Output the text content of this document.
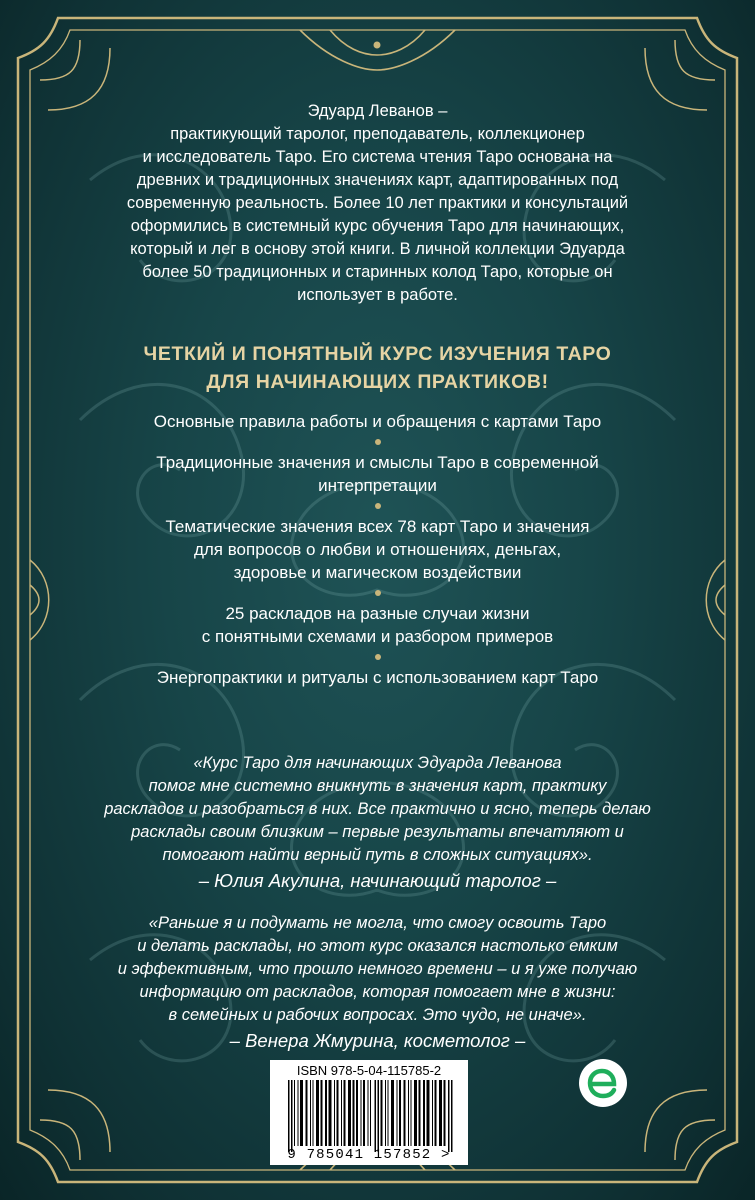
Эдуард Леванов –

практикующий таролог, преподаватель, коллекционер

и исследователь Таро. Его система чтения Таро основана на

древних и традиционных значениях карт, адаптированных под

современную реальность. Более 10 лет практики и консультаций

оформились в системный курс обучения Таро для начинающих,

который и лег в основу этой книги. В личной коллекции Эдуарда

более 50 традиционных и старинных колод Таро, которые он

использует в работе.

ЧЕТКИЙ И ПОНЯТНЫЙ КУРС ИЗУЧЕНИЯ ТАРО
ДЛЯ НАЧИНАЮЩИХ ПРАКТИКОВ!

Основные правила работы и обращения с картами Таро

Традиционные значения и смыслы Таро в современной

интерпретации

Тематические значения всех 78 карт Таро и значения

для вопросов о любви и отношениях, деньгах,

здоровье и магическом воздействии

25 раскладов на разные случаи жизни

с понятными схемами и разбором примеров

Энергопрактики и ритуалы с использованием карт Таро

«Курс Таро для начинающих Эдуарда Леванова
помог мне системно вникнуть в значения карт, практику
раскладов и разобраться в них. Все практично и ясно, теперь делаю
расклады своим близким – первые результаты впечатляют и
помогают найти верный путь в сложных ситуациях».
– Юлия Акулина, начинающий таролог –
«Раньше я и подумать не могла, что смогу освоить Таро
и делать расклады, но этот курс оказался настолько емким
и эффективным, что прошло немного времени – и я уже получаю
информацию от раскладов, которая помогает мне в жизни:
в семейных и рабочих вопросах. Это чудо, не иначе».
– Венера Жмурина, косметолог –
ISBN 978-5-04-115785-2
9 785041 157852 >
